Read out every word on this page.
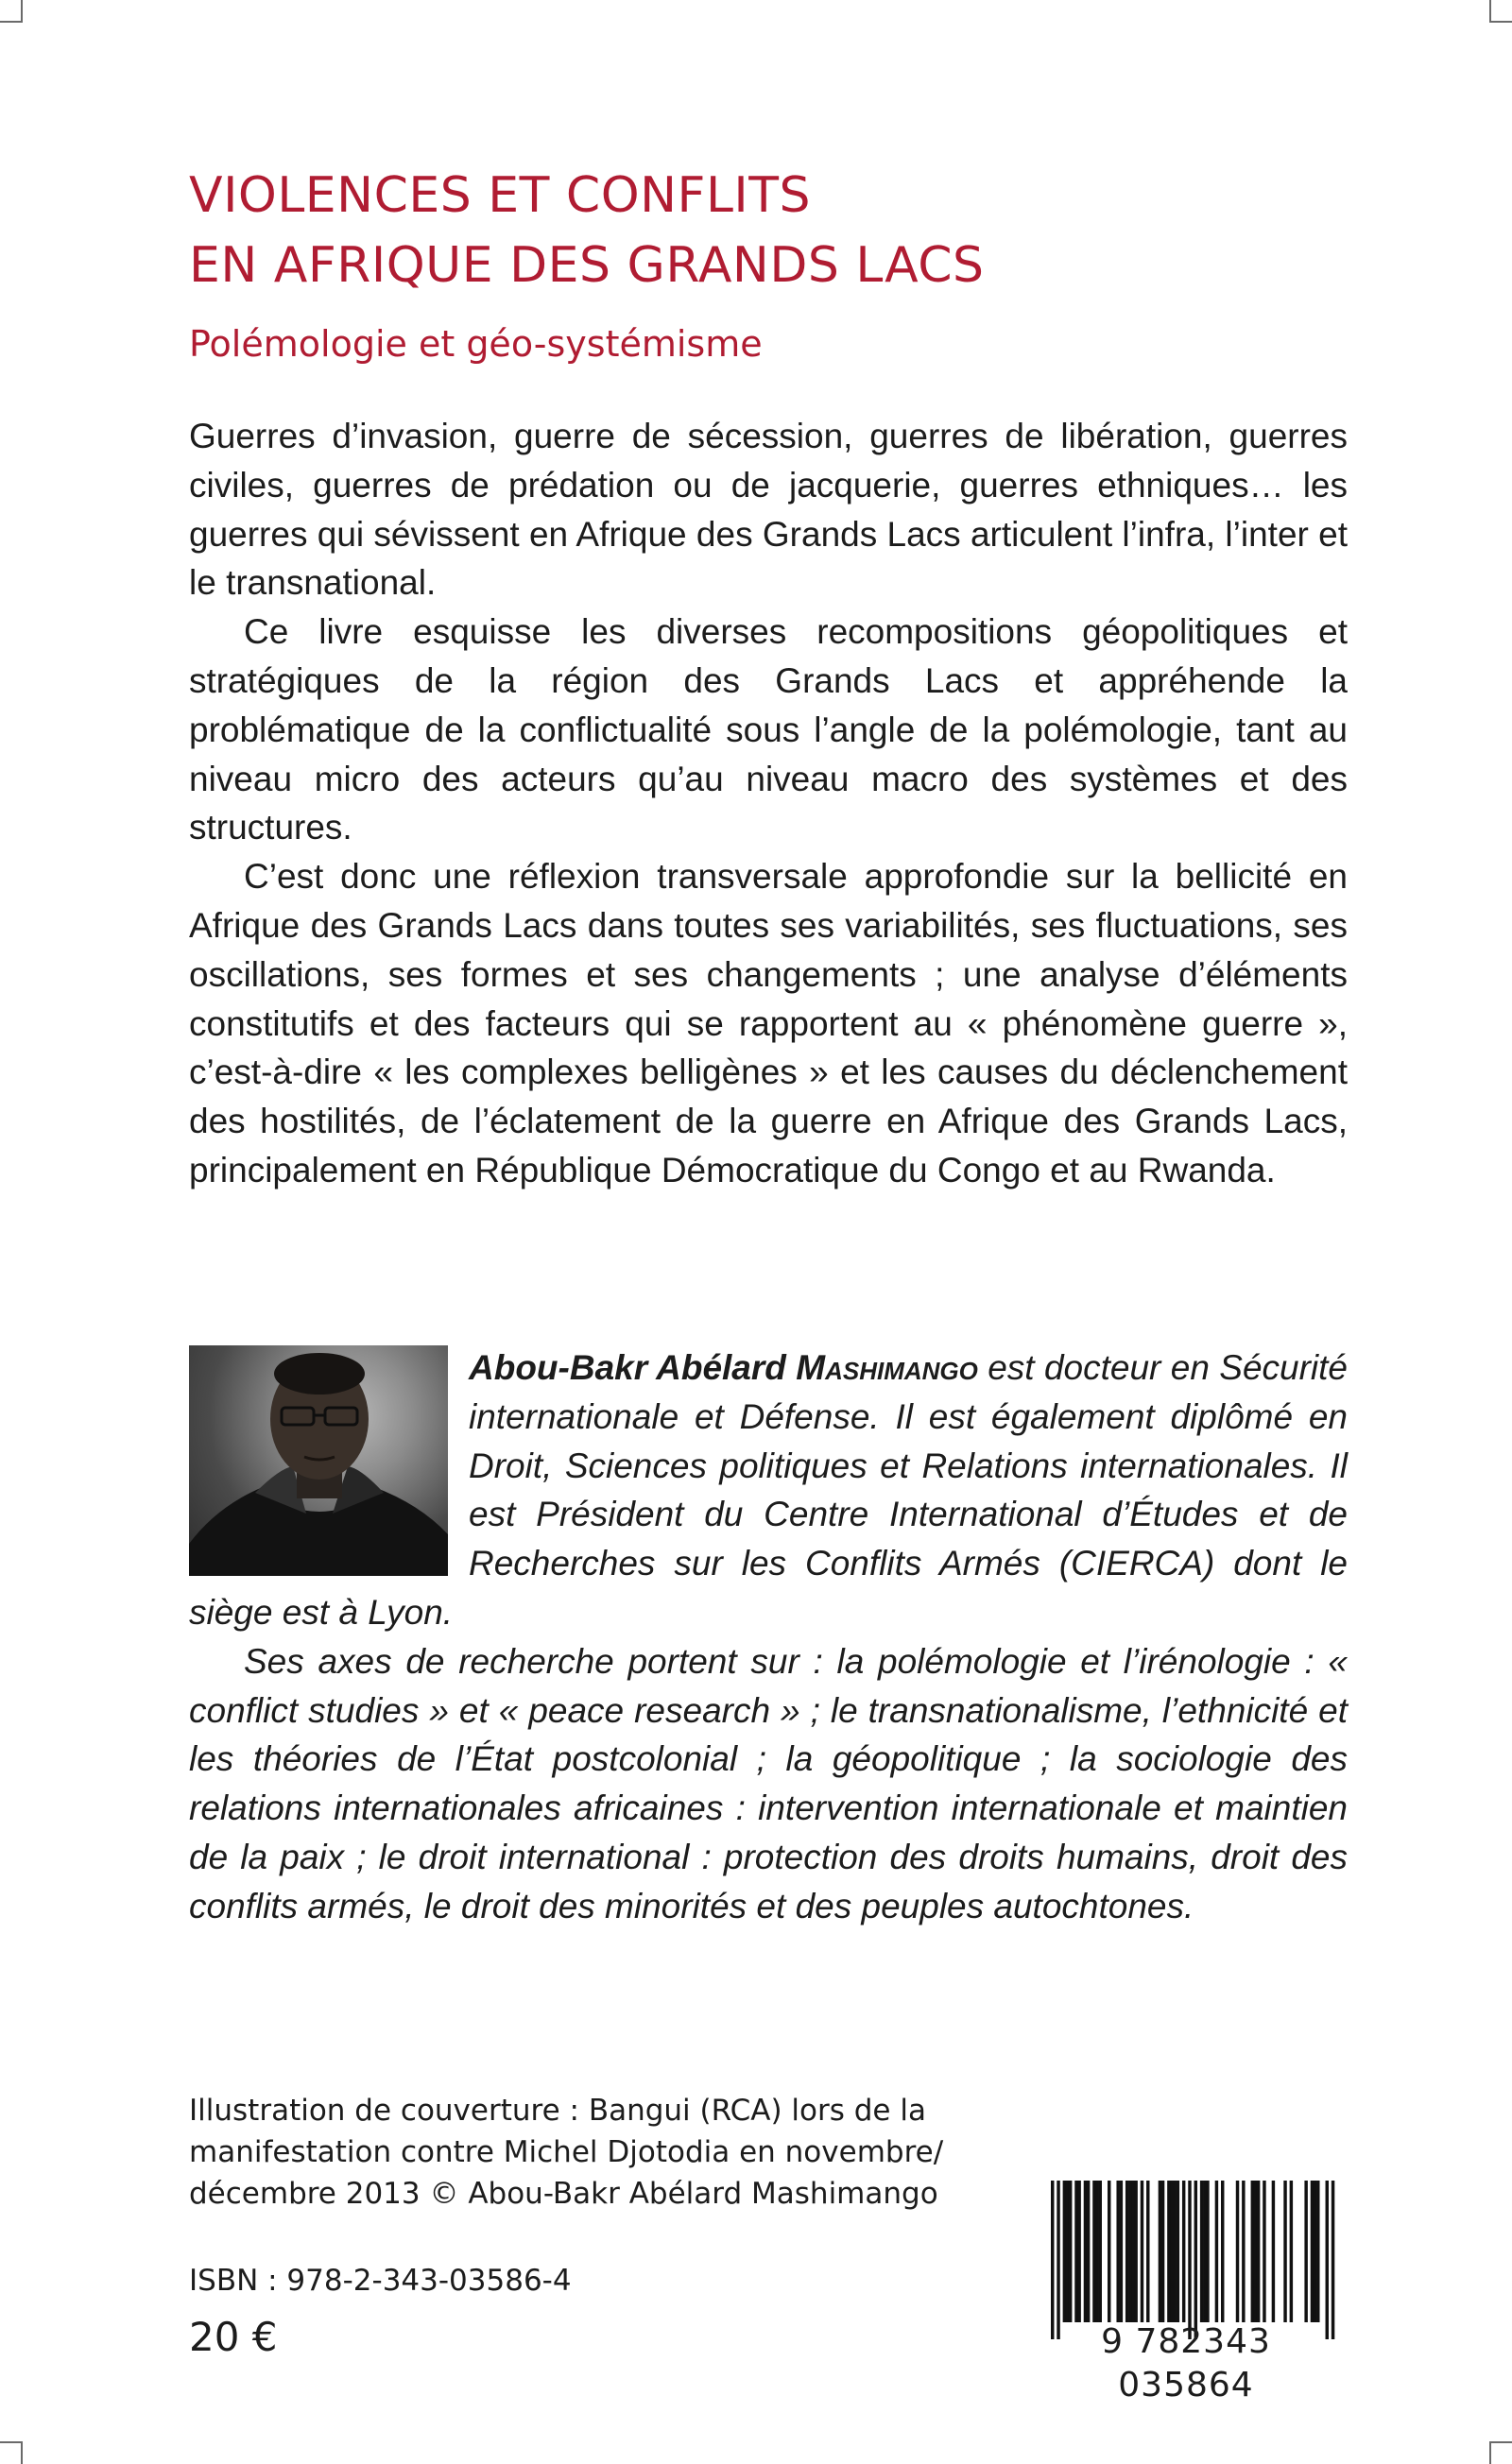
VIOLENCES ET CONFLITS
EN AFRIQUE DES GRANDS LACS
Polémologie et géo-systémisme

Guerres d’invasion, guerre de sécession, guerres de libération, guerres civiles, guerres de prédation ou de jacquerie, guerres ethniques… les guerres qui sévissent en Afrique des Grands Lacs articulent l’infra, l’inter et le transnational.

Ce livre esquisse les diverses recompositions géopolitiques et stratégiques de la région des Grands Lacs et appréhende la problématique de la conflictualité sous l’angle de la polémologie, tant au niveau micro des acteurs qu’au niveau macro des systèmes et des structures.

C’est donc une réflexion transversale approfondie sur la bellicité en Afrique des Grands Lacs dans toutes ses variabilités, ses fluctuations, ses oscillations, ses formes et ses changements ; une analyse d’éléments constitutifs et des facteurs qui se rapportent au « phénomène guerre », c’est-à-dire « les complexes belligènes » et les causes du déclenchement des hostilités, de l’éclatement de la guerre en Afrique des Grands Lacs, principalement en République Démocratique du Congo et au Rwanda.

Abou-Bakr Abélard Mashimango est docteur en Sécurité internationale et Défense. Il est également diplômé en Droit, Sciences politiques et Relations internationales. Il est Président du Centre International d’Études et de Recherches sur les Conflits Armés (CIERCA) dont le siège est à Lyon.

Ses axes de recherche portent sur : la polémologie et l’irénologie : « conflict studies » et « peace research » ; le transnationalisme, l’ethnicité et les théories de l’État postcolonial ; la géopolitique ; la sociologie des relations internationales africaines : intervention internationale et maintien de la paix ; le droit international : protection des droits humains, droit des conflits armés, le droit des minorités et des peuples autochtones.

Illustration de couverture : Bangui (RCA) lors de la

manifestation contre Michel Djotodia en novembre/

décembre 2013 © Abou-Bakr Abélard Mashimango

ISBN : 978-2-343-03586-4
20 €	9 782343 035864
